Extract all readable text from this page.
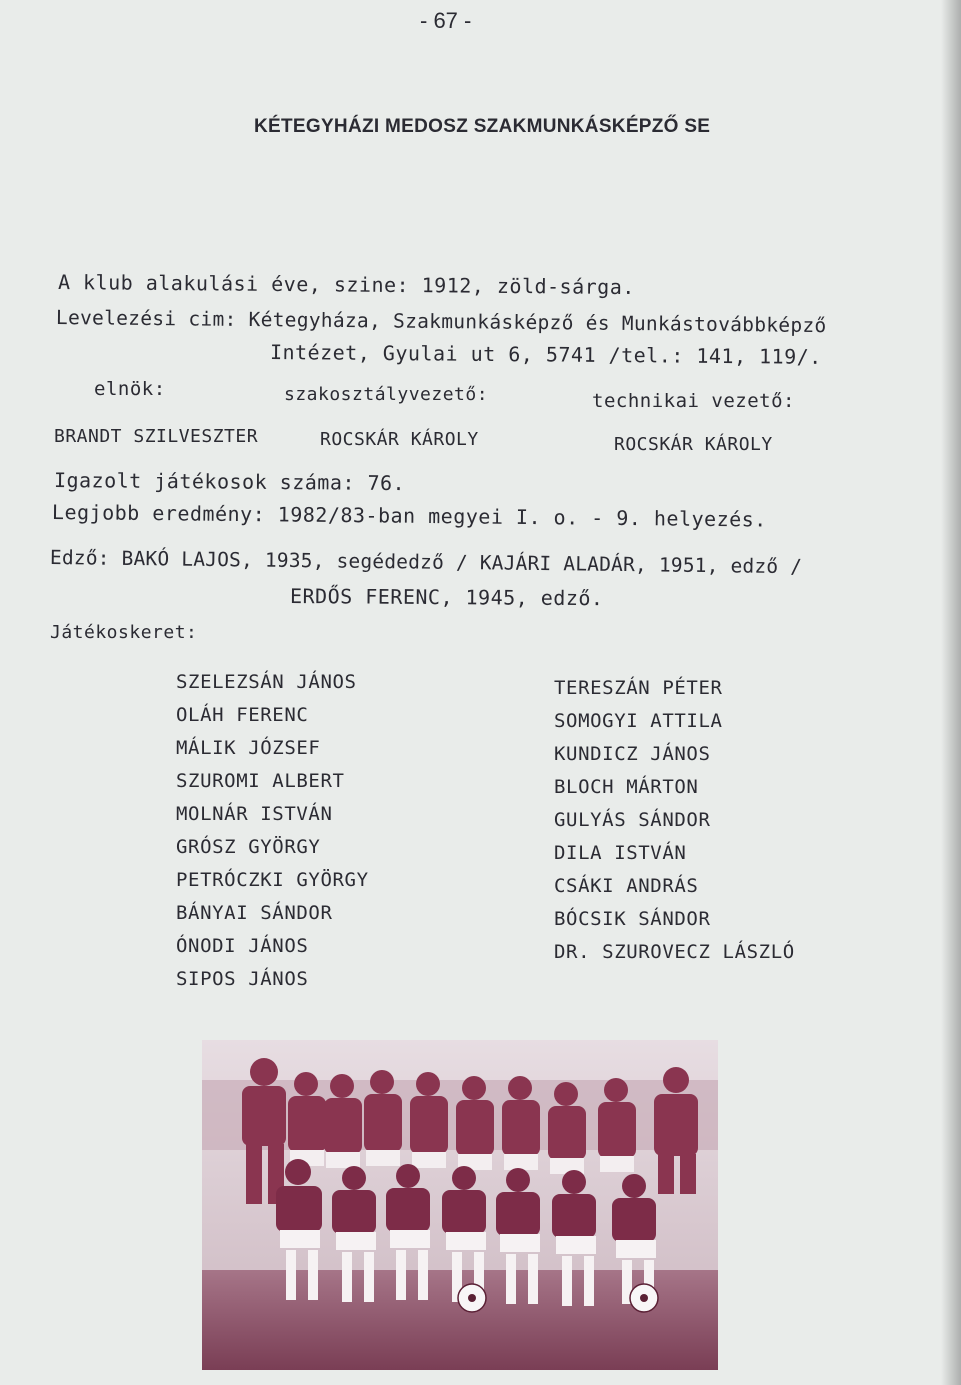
- 67 -
KÉTEGYHÁZI MEDOSZ SZAKMUNKÁSKÉPZŐ SE
A klub alakulási éve, szine: 1912, zöld-sárga.
Levelezési cim: Kétegyháza, Szakmunkásképző és Munkástovábbképző
Intézet, Gyulai ut 6, 5741 /tel.: 141, 119/.
elnök:	szakosztályvezető:	technikai vezető:
BRANDT SZILVESZTER	ROCSKÁR KÁROLY	ROCSKÁR KÁROLY
Igazolt játékosok száma: 76.
Legjobb eredmény: 1982/83-ban megyei I. o. - 9. helyezés.
Edző: BAKÓ LAJOS, 1935, segédedző / KAJÁRI ALADÁR, 1951, edző /
ERDŐS FERENC, 1945, edző.
Játékoskeret:
SZELEZSÁN JÁNOS
OLÁH FERENC
MÁLIK JÓZSEF
SZUROMI ALBERT
MOLNÁR ISTVÁN
GRÓSZ GYÖRGY
PETRÓCZKI GYÖRGY
BÁNYAI SÁNDOR
ÓNODI JÁNOS
SIPOS JÁNOS
TERESZÁN PÉTER
SOMOGYI ATTILA
KUNDICZ JÁNOS
BLOCH MÁRTON
GULYÁS SÁNDOR
DILA ISTVÁN
CSÁKI ANDRÁS
BÓCSIK SÁNDOR
DR. SZUROVECZ LÁSZLÓ
